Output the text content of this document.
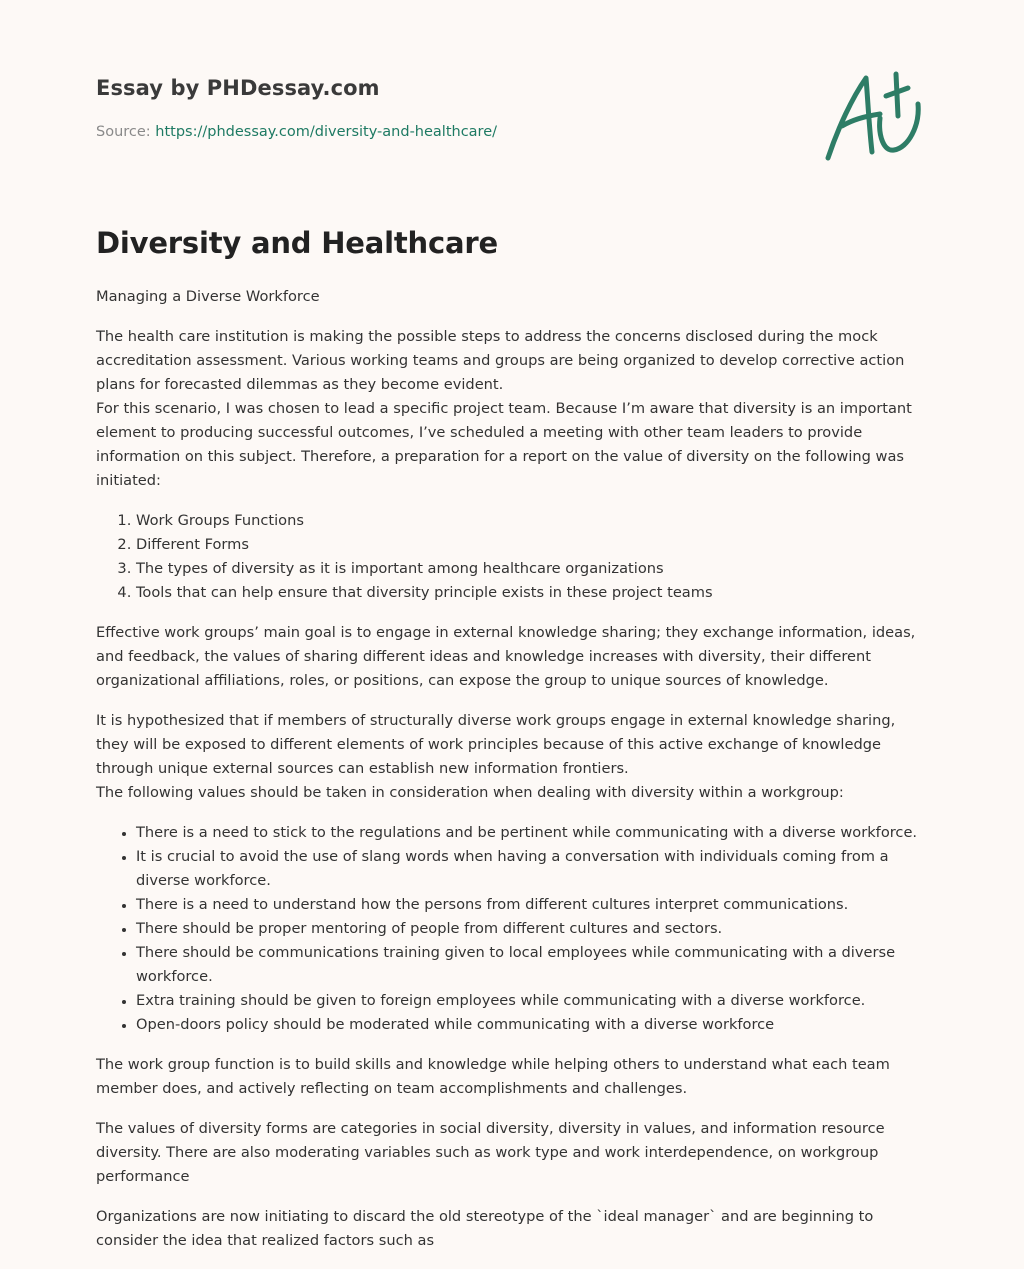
Essay by PHDessay.com
Source: https://phdessay.com/diversity-and-healthcare/
Diversity and Healthcare

Managing a Diverse Workforce

The health care institution is making the possible steps to address the concerns disclosed during the mock accreditation assessment. Various working teams and groups are being organized to develop corrective action plans for forecasted dilemmas as they become evident.

For this scenario, I was chosen to lead a specific project team. Because I’m aware that diversity is an important element to producing successful outcomes, I’ve scheduled a meeting with other team leaders to provide information on this subject. Therefore, a preparation for a report on the value of diversity on the following was initiated:

1. Work Groups Functions
2. Different Forms
3. The types of diversity as it is important among healthcare organizations
4. Tools that can help ensure that diversity principle exists in these project teams

Effective work groups’ main goal is to engage in external knowledge sharing; they exchange information, ideas, and feedback, the values of sharing different ideas and knowledge increases with diversity, their different organizational affiliations, roles, or positions, can expose the group to unique sources of knowledge.

It is hypothesized that if members of structurally diverse work groups engage in external knowledge sharing, they will be exposed to different elements of work principles because of this active exchange of knowledge through unique external sources can establish new information frontiers.

The following values should be taken in consideration when dealing with diversity within a workgroup:

• There is a need to stick to the regulations and be pertinent while communicating with a diverse workforce.
• It is crucial to avoid the use of slang words when having a conversation with individuals coming from a diverse workforce.
• There is a need to understand how the persons from different cultures interpret communications.
• There should be proper mentoring of people from different cultures and sectors.
• There should be communications training given to local employees while communicating with a diverse workforce.
• Extra training should be given to foreign employees while communicating with a diverse workforce.
• Open-doors policy should be moderated while communicating with a diverse workforce

The work group function is to build skills and knowledge while helping others to understand what each team member does, and actively reflecting on team accomplishments and challenges.

The values of diversity forms are categories in social diversity, diversity in values, and information resource diversity. There are also moderating variables such as work type and work interdependence, on workgroup performance

Organizations are now initiating to discard the old stereotype of the `ideal manager` and are beginning to consider the idea that realized factors such as
